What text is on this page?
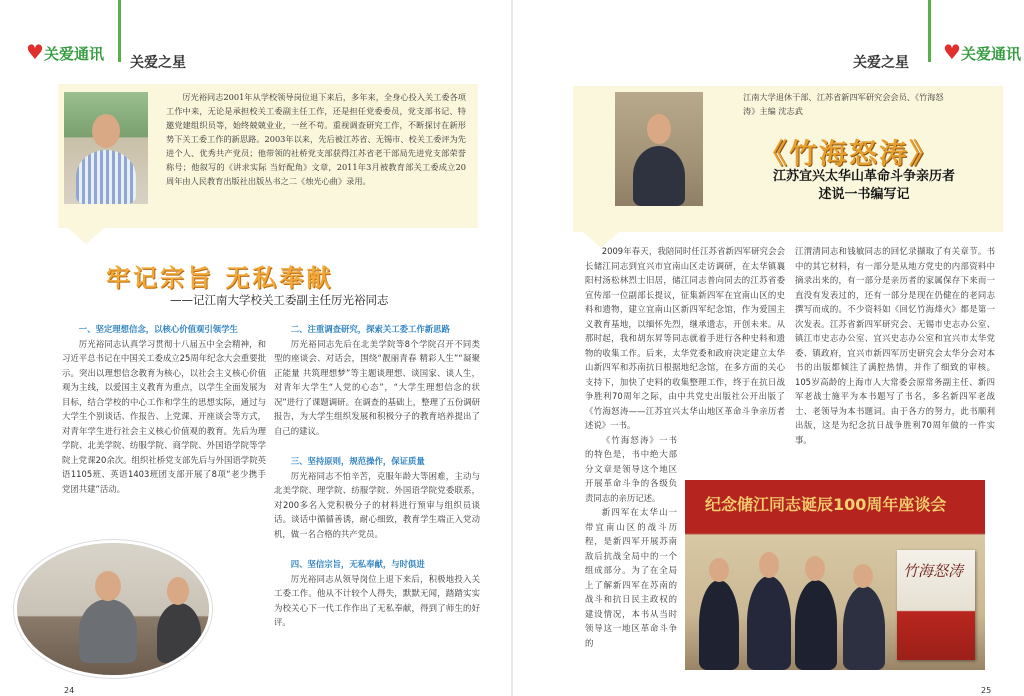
♥关爱通讯 关爱之星
厉光裕同志2001年从学校领导岗位退下来后，多年来，全身心投入关工委各项工作中来，无论是承担校关工委副主任工作，还是担任党委委员，党支部书记、特邀党建组织员等，始终兢兢业业，一丝不苟。重视调查研究工作，不断探讨在新形势下关工委工作的新思路。2003年以来，先后被江苏省、无锡市、校关工委评为先进个人、优秀共产党员；他带领的社桥党支部获得江苏省老干部局先进党支部荣誉称号；他叙写的《讲求实际 当好配角》文章，2011年3月被教育部关工委成立20周年由人民教育出版社出版丛书之二《烛光心曲》录用。
牢记宗旨 无私奉献
——记江南大学校关工委副主任厉光裕同志

一、坚定理想信念，以核心价值观引领学生

厉光裕同志认真学习贯彻十八届五中全会精神，和习近平总书记在中国关工委成立25周年纪念大会重要批示。突出以理想信念教育为核心，以社会主义核心价值观为主线，以爱国主义教育为重点，以学生全面发展为目标，结合学校的中心工作和学生的思想实际，通过与大学生个别谈话、作报告、上党课、开座谈会等方式，对青年学生进行社会主义核心价值观的教育。先后为理学院、北美学院、纺服学院、商学院、外国语学院等学院上党课20余次。组织社桥党支部先后与外国语学院英语1105班、英语1403班团支部开展了8项“老少携手 党团共建”活动。

二、注重调查研究，探索关工委工作新思路

厉光裕同志先后在北美学院等8个学院召开不同类型的座谈会、对话会，围绕“靓丽青春 精彩人生”“凝聚正能量 共筑理想梦”等主题谈理想、谈国家、谈人生，对青年大学生“人党的心态”，“大学生理想信念的状况”进行了课题调研。在调查的基础上，整理了五份调研报告，为大学生组织发展和积极分子的教育培养提出了自己的建议。

三、坚持原则，规范操作，保证质量

厉光裕同志不怕辛苦，克服年龄大等困难，主动与北美学院、理学院、纺服学院、外国语学院党委联系，对200多名入党积极分子的材料进行预审与组织员谈话。谈话中循循善诱，耐心细致，教育学生端正入党动机，做一名合格的共产党员。

四、坚信宗旨，无私奉献，与时俱进

厉光裕同志从领导岗位上退下来后，积极地投入关工委工作。他从不计较个人得失，默默无闻，踏踏实实为校关心下一代工作作出了无私奉献，得到了师生的好评。

24
关爱之星 ♥关爱通讯
江南大学退休干部、江苏省新四军研究会会员、《竹海怒涛》主编 沈志武
《竹海怒涛》
江苏宜兴太华山革命斗争亲历者
述说一书编写记

2009年春天，我陪同时任江苏省新四军研究会会长储江同志到宜兴市宜南山区走访调研，在太华镇襄阳村汤松林烈士旧居，储江同志普向同去的江苏省委宣传部一位副部长提议，征集新四军在宜南山区的史料和遗物，建立宜南山区新四军纪念馆，作为爱国主义教育基地，以缅怀先烈，继承遗志，开创未来。从那时起，我和胡东昇等同志就着手进行各种史料和遗物的收集工作。后来，太华党委和政府决定建立太华山新四军和苏南抗日根据地纪念馆，在多方面的关心支持下，加快了史料的收集整理工作，终于在抗日战争胜利70周年之际，由中共党史出版社公开出版了《竹海怒涛——江苏宜兴太华山地区革命斗争亲历者述说》一书。

《竹海怒涛》一书的特色是，书中绝大部分文章是领导这个地区开展革命斗争的各级负责同志的亲历记述。

新四军在太华山一带宜南山区的战斗历程，是新四军开展苏南敌后抗战全局中的一个组成部分。为了在全局上了解新四军在苏南的战斗和抗日民主政权的建设情况，本书从当时领导这一地区革命斗争的

江渭清同志和钱敏同志的回忆录撷取了有关章节。书中的其它材料，有一部分是从地方党史的内部资料中摘录出来的，有一部分是亲历者的家属保存下来而一直没有发表过的，还有一部分是现在仍健在的老同志撰写而成的。不少资料如《回忆竹海烽火》都是第一次发表。江苏省新四军研究会、无锡市史志办公室、镇江市史志办公室、宜兴史志办公室和宜兴市太华党委、镇政府，宜兴市新四军历史研究会太华分会对本书的出版都倾注了满腔热情，并作了细致的审核。105岁高龄的上海市人大常委会原常务副主任、新四军老战士施平为本书题写了书名，多名新四军老战士、老领导为本书题词。由于各方的努力，此书顺利出版，这是为纪念抗日战争胜利70周年做的一件实事。

纪念储江同志诞辰100周年座谈会
竹海怒涛
25
